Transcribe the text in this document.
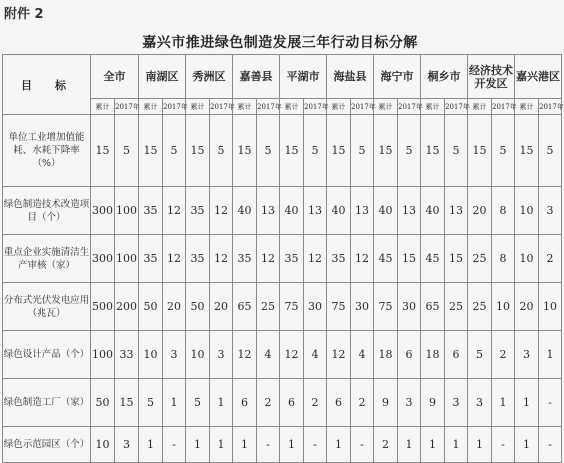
附件 2
嘉兴市推进绿色制造发展三年行动目标分解
目　标	全市		南湖区		秀洲区		嘉善县		平湖市		海盐县		海宁市		桐乡市		经济技术开发区		嘉兴港区	
	累计	2017年	累计	2017年	累计	2017年	累计	2017年	累计	2017年	累计	2017年	累计	2017年	累计	2017年	累计	2017年	累计	2017年
单位工业增加值能耗、水耗下降率（%）	15	5	15	5	15	5	15	5	15	5	15	5	15	5	15	5	15	5	15	5
绿色制造技术改造项目（个）	300	100	35	12	35	12	40	13	40	13	40	13	40	13	40	13	20	8	10	3
重点企业实施清洁生产审核（家）	300	100	35	12	35	12	35	12	35	12	35	12	45	15	45	15	25	8	10	2
分布式光伏发电应用（兆瓦）	500	200	50	20	50	20	65	25	75	30	75	30	75	30	65	25	25	10	20	10
绿色设计产品（个）	100	33	10	3	10	3	12	4	12	4	12	4	18	6	18	6	5	2	3	1
绿色制造工厂（家）	50	15	5	1	5	1	6	2	6	2	6	2	9	3	9	3	3	1	1	-
绿色示范园区（个）	10	3	1	-	1	1	1	-	1	-	1	-	2	1	1	1	1	-	1	-
